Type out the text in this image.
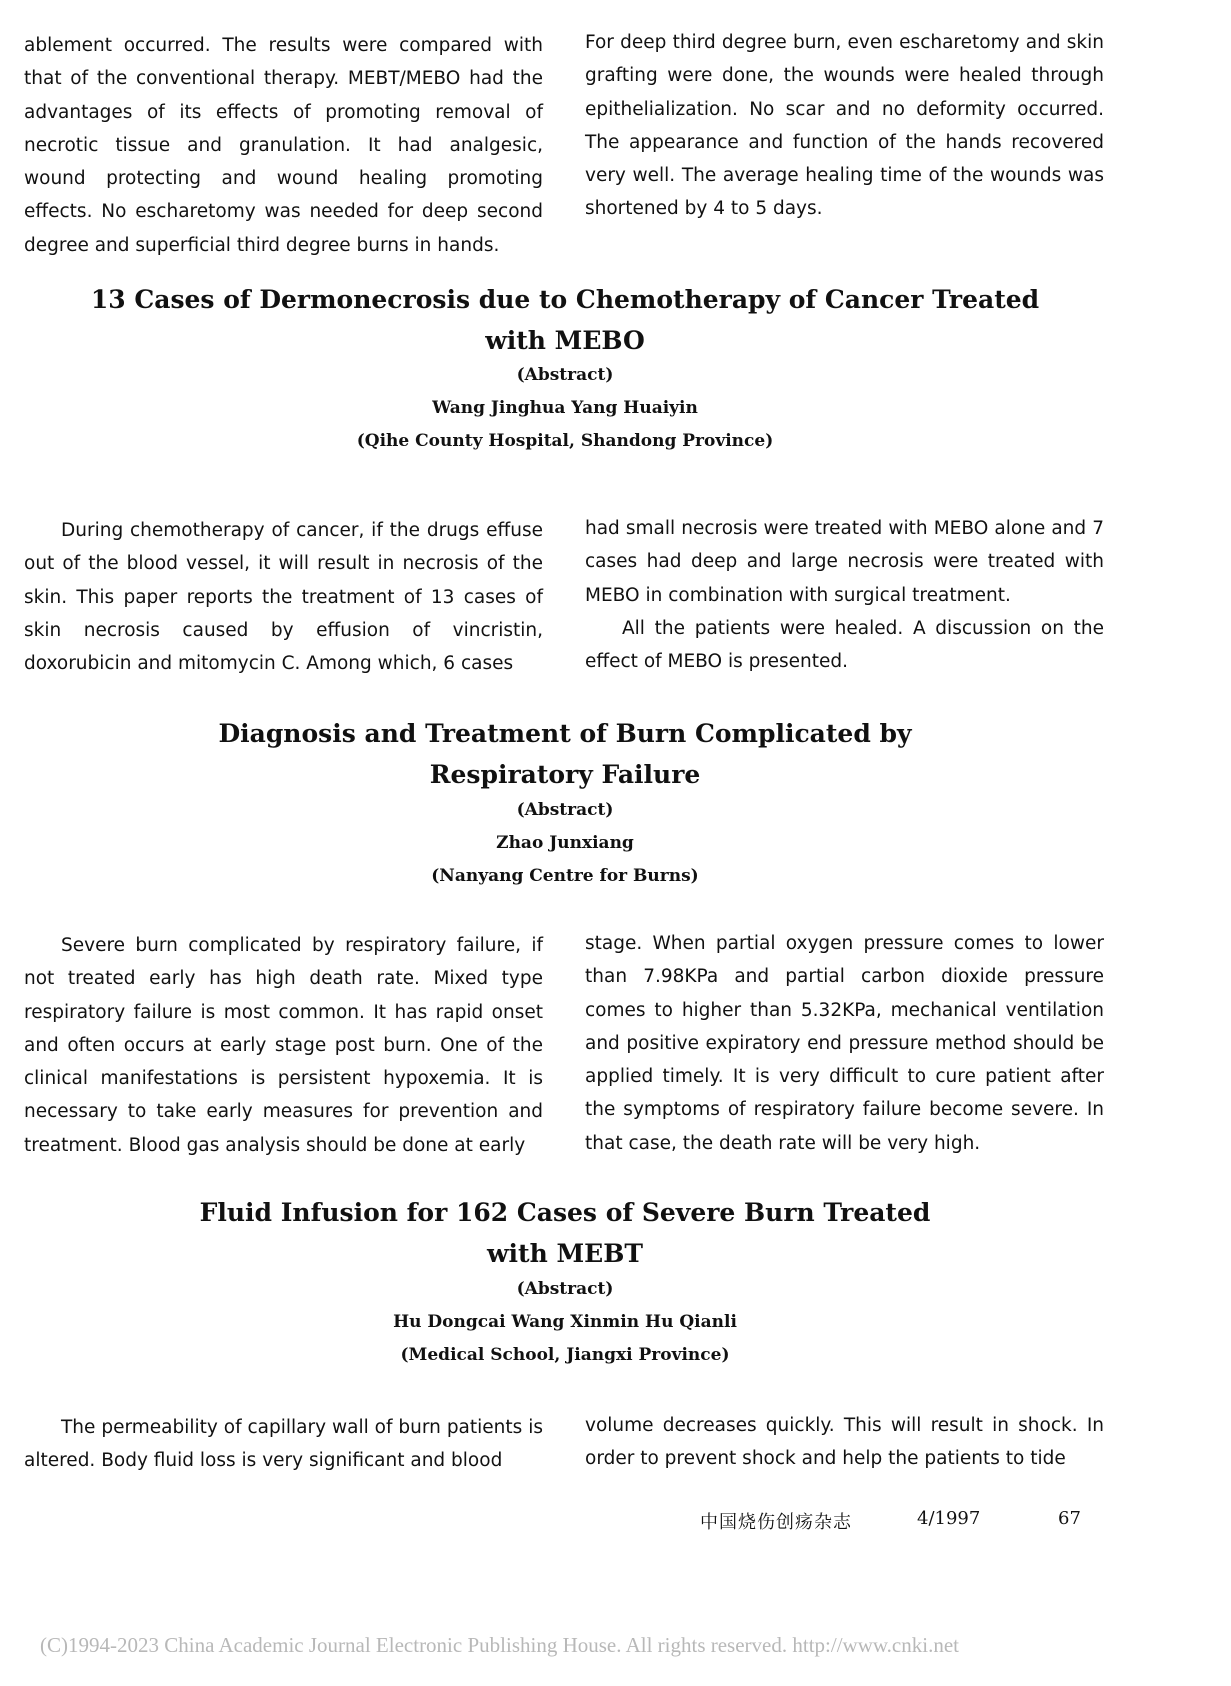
ablement occurred. The results were compared with that of the conventional therapy. MEBT/MEBO had the advantages of its effects of promoting removal of necrotic tissue and granulation. It had analgesic, wound protecting and wound healing promoting effects. No escharetomy was needed for deep second degree and superficial third degree burns in hands.

For deep third degree burn, even escharetomy and skin grafting were done, the wounds were healed through epithelialization. No scar and no deformity occurred. The appearance and function of the hands recovered very well. The average healing time of the wounds was shortened by 4 to 5 days.

13 Cases of Dermonecrosis due to Chemotherapy of Cancer Treated
with MEBO
(Abstract)
Wang Jinghua Yang Huaiyin
(Qihe County Hospital, Shandong Province)

During chemotherapy of cancer, if the drugs effuse out of the blood vessel, it will result in necrosis of the skin. This paper reports the treatment of 13 cases of skin necrosis caused by effusion of vincristin, doxorubicin and mitomycin C. Among which, 6 cases

had small necrosis were treated with MEBO alone and 7 cases had deep and large necrosis were treated with MEBO in combination with surgical treatment.

All the patients were healed. A discussion on the effect of MEBO is presented.

Diagnosis and Treatment of Burn Complicated by
Respiratory Failure
(Abstract)
Zhao Junxiang
(Nanyang Centre for Burns)

Severe burn complicated by respiratory failure, if not treated early has high death rate. Mixed type respiratory failure is most common. It has rapid onset and often occurs at early stage post burn. One of the clinical manifestations is persistent hypoxemia. It is necessary to take early measures for prevention and treatment. Blood gas analysis should be done at early

stage. When partial oxygen pressure comes to lower than 7.98KPa and partial carbon dioxide pressure comes to higher than 5.32KPa, mechanical ventilation and positive expiratory end pressure method should be applied timely. It is very difficult to cure patient after the symptoms of respiratory failure become severe. In that case, the death rate will be very high.

Fluid Infusion for 162 Cases of Severe Burn Treated
with MEBT
(Abstract)
Hu Dongcai Wang Xinmin Hu Qianli
(Medical School, Jiangxi Province)

The permeability of capillary wall of burn patients is altered. Body fluid loss is very significant and blood

volume decreases quickly. This will result in shock. In order to prevent shock and help the patients to tide

中国烧伤创疡杂志	4/1997	67
(C)1994-2023 China Academic Journal Electronic Publishing House. All rights reserved. http://www.cnki.net
